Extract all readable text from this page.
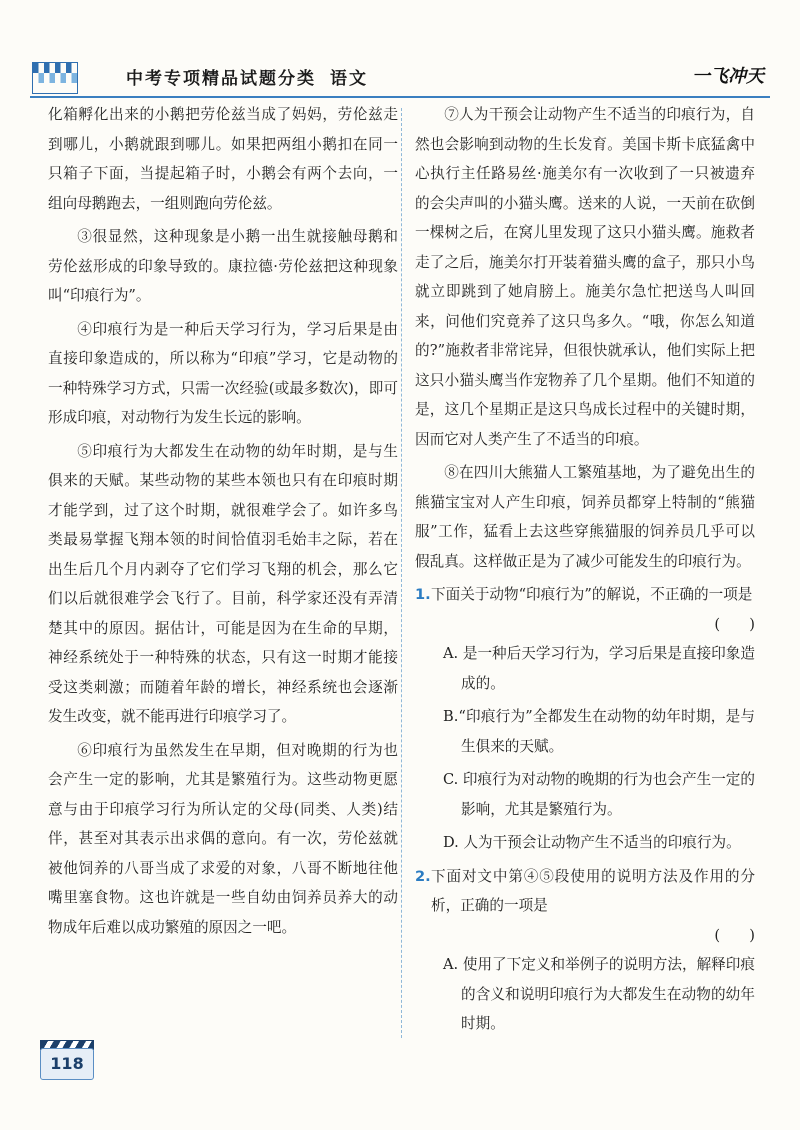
中考专项精品试题分类 语文	一飞冲天

化箱孵化出来的小鹅把劳伦兹当成了妈妈，劳伦兹走到哪儿，小鹅就跟到哪儿。如果把两组小鹅扣在同一只箱子下面，当提起箱子时，小鹅会有两个去向，一组向母鹅跑去，一组则跑向劳伦兹。

③很显然，这种现象是小鹅一出生就接触母鹅和劳伦兹形成的印象导致的。康拉德·劳伦兹把这种现象叫“印痕行为”。

④印痕行为是一种后天学习行为，学习后果是由直接印象造成的，所以称为“印痕”学习，它是动物的一种特殊学习方式，只需一次经验(或最多数次)，即可形成印痕，对动物行为发生长远的影响。

⑤印痕行为大都发生在动物的幼年时期，是与生俱来的天赋。某些动物的某些本领也只有在印痕时期才能学到，过了这个时期，就很难学会了。如许多鸟类最易掌握飞翔本领的时间恰值羽毛始丰之际，若在出生后几个月内剥夺了它们学习飞翔的机会，那么它们以后就很难学会飞行了。目前，科学家还没有弄清楚其中的原因。据估计，可能是因为在生命的早期，神经系统处于一种特殊的状态，只有这一时期才能接受这类刺激；而随着年龄的增长，神经系统也会逐渐发生改变，就不能再进行印痕学习了。

⑥印痕行为虽然发生在早期，但对晚期的行为也会产生一定的影响，尤其是繁殖行为。这些动物更愿意与由于印痕学习行为所认定的父母(同类、人类)结伴，甚至对其表示出求偶的意向。有一次，劳伦兹就被他饲养的八哥当成了求爱的对象，八哥不断地往他嘴里塞食物。这也许就是一些自幼由饲养员养大的动物成年后难以成功繁殖的原因之一吧。

⑦人为干预会让动物产生不适当的印痕行为，自然也会影响到动物的生长发育。美国卡斯卡底猛禽中心执行主任路易丝·施美尔有一次收到了一只被遗弃的会尖声叫的小猫头鹰。送来的人说，一天前在砍倒一棵树之后，在窝儿里发现了这只小猫头鹰。施救者走了之后，施美尔打开装着猫头鹰的盒子，那只小鸟就立即跳到了她肩膀上。施美尔急忙把送鸟人叫回来，问他们究竟养了这只鸟多久。“哦，你怎么知道的?”施救者非常诧异，但很快就承认，他们实际上把这只小猫头鹰当作宠物养了几个星期。他们不知道的是，这几个星期正是这只鸟成长过程中的关键时期，因而它对人类产生了不适当的印痕。

⑧在四川大熊猫人工繁殖基地，为了避免出生的熊猫宝宝对人产生印痕，饲养员都穿上特制的“熊猫服”工作，猛看上去这些穿熊猫服的饲养员几乎可以假乱真。这样做正是为了减少可能发生的印痕行为。

1. 下面关于动物“印痕行为”的解说，不正确的一项是
(　　)

A. 是一种后天学习行为，学习后果是直接印象造成的。

B.“印痕行为”全都发生在动物的幼年时期，是与生俱来的天赋。

C. 印痕行为对动物的晚期的行为也会产生一定的影响，尤其是繁殖行为。

D. 人为干预会让动物产生不适当的印痕行为。

2. 下面对文中第④⑤段使用的说明方法及作用的分析，正确的一项是
(　　)

A. 使用了下定义和举例子的说明方法，解释印痕的含义和说明印痕行为大都发生在动物的幼年时期。

118
